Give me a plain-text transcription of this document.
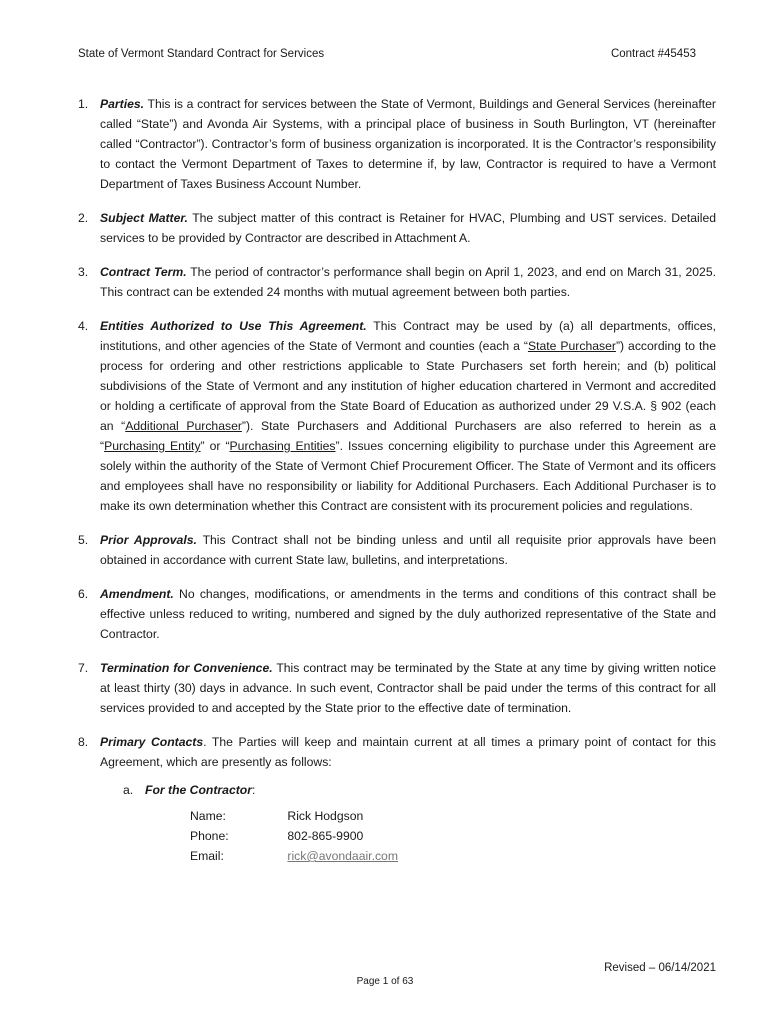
State of Vermont Standard Contract for Services	Contract #45453
1. Parties. This is a contract for services between the State of Vermont, Buildings and General Services (hereinafter called “State”) and Avonda Air Systems, with a principal place of business in South Burlington, VT (hereinafter called “Contractor”). Contractor’s form of business organization is incorporated. It is the Contractor’s responsibility to contact the Vermont Department of Taxes to determine if, by law, Contractor is required to have a Vermont Department of Taxes Business Account Number.
2. Subject Matter. The subject matter of this contract is Retainer for HVAC, Plumbing and UST services. Detailed services to be provided by Contractor are described in Attachment A.
3. Contract Term. The period of contractor’s performance shall begin on April 1, 2023, and end on March 31, 2025. This contract can be extended 24 months with mutual agreement between both parties.
4. Entities Authorized to Use This Agreement. This Contract may be used by (a) all departments, offices, institutions, and other agencies of the State of Vermont and counties (each a “State Purchaser”) according to the process for ordering and other restrictions applicable to State Purchasers set forth herein; and (b) political subdivisions of the State of Vermont and any institution of higher education chartered in Vermont and accredited or holding a certificate of approval from the State Board of Education as authorized under 29 V.S.A. § 902 (each an “Additional Purchaser”). State Purchasers and Additional Purchasers are also referred to herein as a “Purchasing Entity” or “Purchasing Entities”. Issues concerning eligibility to purchase under this Agreement are solely within the authority of the State of Vermont Chief Procurement Officer. The State of Vermont and its officers and employees shall have no responsibility or liability for Additional Purchasers. Each Additional Purchaser is to make its own determination whether this Contract are consistent with its procurement policies and regulations.
5. Prior Approvals. This Contract shall not be binding unless and until all requisite prior approvals have been obtained in accordance with current State law, bulletins, and interpretations.
6. Amendment. No changes, modifications, or amendments in the terms and conditions of this contract shall be effective unless reduced to writing, numbered and signed by the duly authorized representative of the State and Contractor.
7. Termination for Convenience. This contract may be terminated by the State at any time by giving written notice at least thirty (30) days in advance. In such event, Contractor shall be paid under the terms of this contract for all services provided to and accepted by the State prior to the effective date of termination.
8. Primary Contacts. The Parties will keep and maintain current at all times a primary point of contact for this Agreement, which are presently as follows:
a. For the Contractor:
Name:	Rick Hodgson
Phone:	802-865-9900
Email:	rick@avondaair.com
Revised – 06/14/2021
Page 1 of 63
